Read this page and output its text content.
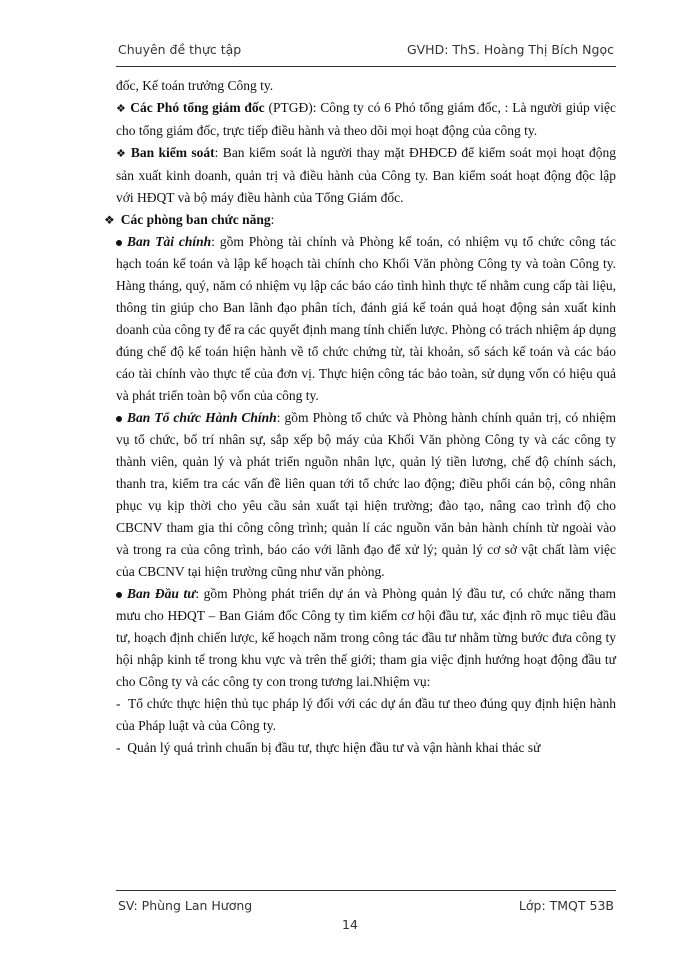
Chuyên đề thực tập	GVHD: ThS. Hoàng Thị Bích Ngọc

đốc, Kế toán trưởng Công ty.

❖ Các Phó tổng giám đốc (PTGĐ): Công ty có 6 Phó tổng giám đốc, : Là người giúp việc cho tổng giám đốc, trực tiếp điều hành và theo dõi mọi hoạt động của công ty.

❖ Ban kiểm soát: Ban kiểm soát là người thay mặt ĐHĐCĐ để kiểm soát mọi hoạt động sản xuất kinh doanh, quản trị và điều hành của Công ty. Ban kiểm soát hoạt động độc lập với HĐQT và bộ máy điều hành của Tổng Giám đốc.

❖ Các phòng ban chức năng:

Ban Tài chính: gồm Phòng tài chính và Phòng kế toán, có nhiệm vụ tổ chức công tác hạch toán kế toán và lập kế hoạch tài chính cho Khối Văn phòng Công ty và toàn Công ty. Hàng tháng, quý, năm có nhiệm vụ lập các báo cáo tình hình thực tế nhằm cung cấp tài liệu, thông tin giúp cho Ban lãnh đạo phân tích, đánh giá kế toán quả hoạt động sản xuất kinh doanh của công ty để ra các quyết định mang tính chiến lược. Phòng có trách nhiệm áp dụng đúng chế độ kế toán hiện hành về tổ chức chứng từ, tài khoản, sổ sách kế toán và các báo cáo tài chính vào thực tế của đơn vị. Thực hiện công tác bảo toàn, sử dụng vốn có hiệu quả và phát triển toàn bộ vốn của công ty.

Ban Tổ chức Hành Chính: gồm Phòng tổ chức và Phòng hành chính quản trị, có nhiệm vụ tổ chức, bố trí nhân sự, sắp xếp bộ máy của Khối Văn phòng Công ty và các công ty thành viên, quản lý và phát triển nguồn nhân lực, quản lý tiền lương, chế độ chính sách, thanh tra, kiểm tra các vấn đề liên quan tới tổ chức lao động; điều phối cán bộ, công nhân phục vụ kịp thời cho yêu cầu sản xuất tại hiện trường; đào tạo, nâng cao trình độ cho CBCNV tham gia thi công công trình; quản lí các nguồn văn bản hành chính từ ngoài vào và trong ra của công trình, báo cáo với lãnh đạo để xử lý; quản lý cơ sở vật chất làm việc của CBCNV tại hiện trường cũng như văn phòng.

Ban Đầu tư: gồm Phòng phát triển dự án và Phòng quản lý đầu tư, có chức năng tham mưu cho HĐQT – Ban Giám đốc Công ty tìm kiếm cơ hội đầu tư, xác định rõ mục tiêu đầu tư, hoạch định chiến lược, kế hoạch năm trong công tác đầu tư nhằm từng bước đưa công ty hội nhập kinh tế trong khu vực và trên thế giới; tham gia việc định hướng hoạt động đầu tư cho Công ty và các công ty con trong tương lai.Nhiệm vụ:

- Tổ chức thực hiện thủ tục pháp lý đối với các dự án đầu tư theo đúng quy định hiện hành của Pháp luật và của Công ty.

- Quản lý quá trình chuẩn bị đầu tư, thực hiện đầu tư và vận hành khai thác sử

SV: Phùng Lan Hương	Lớp: TMQT 53B
14
